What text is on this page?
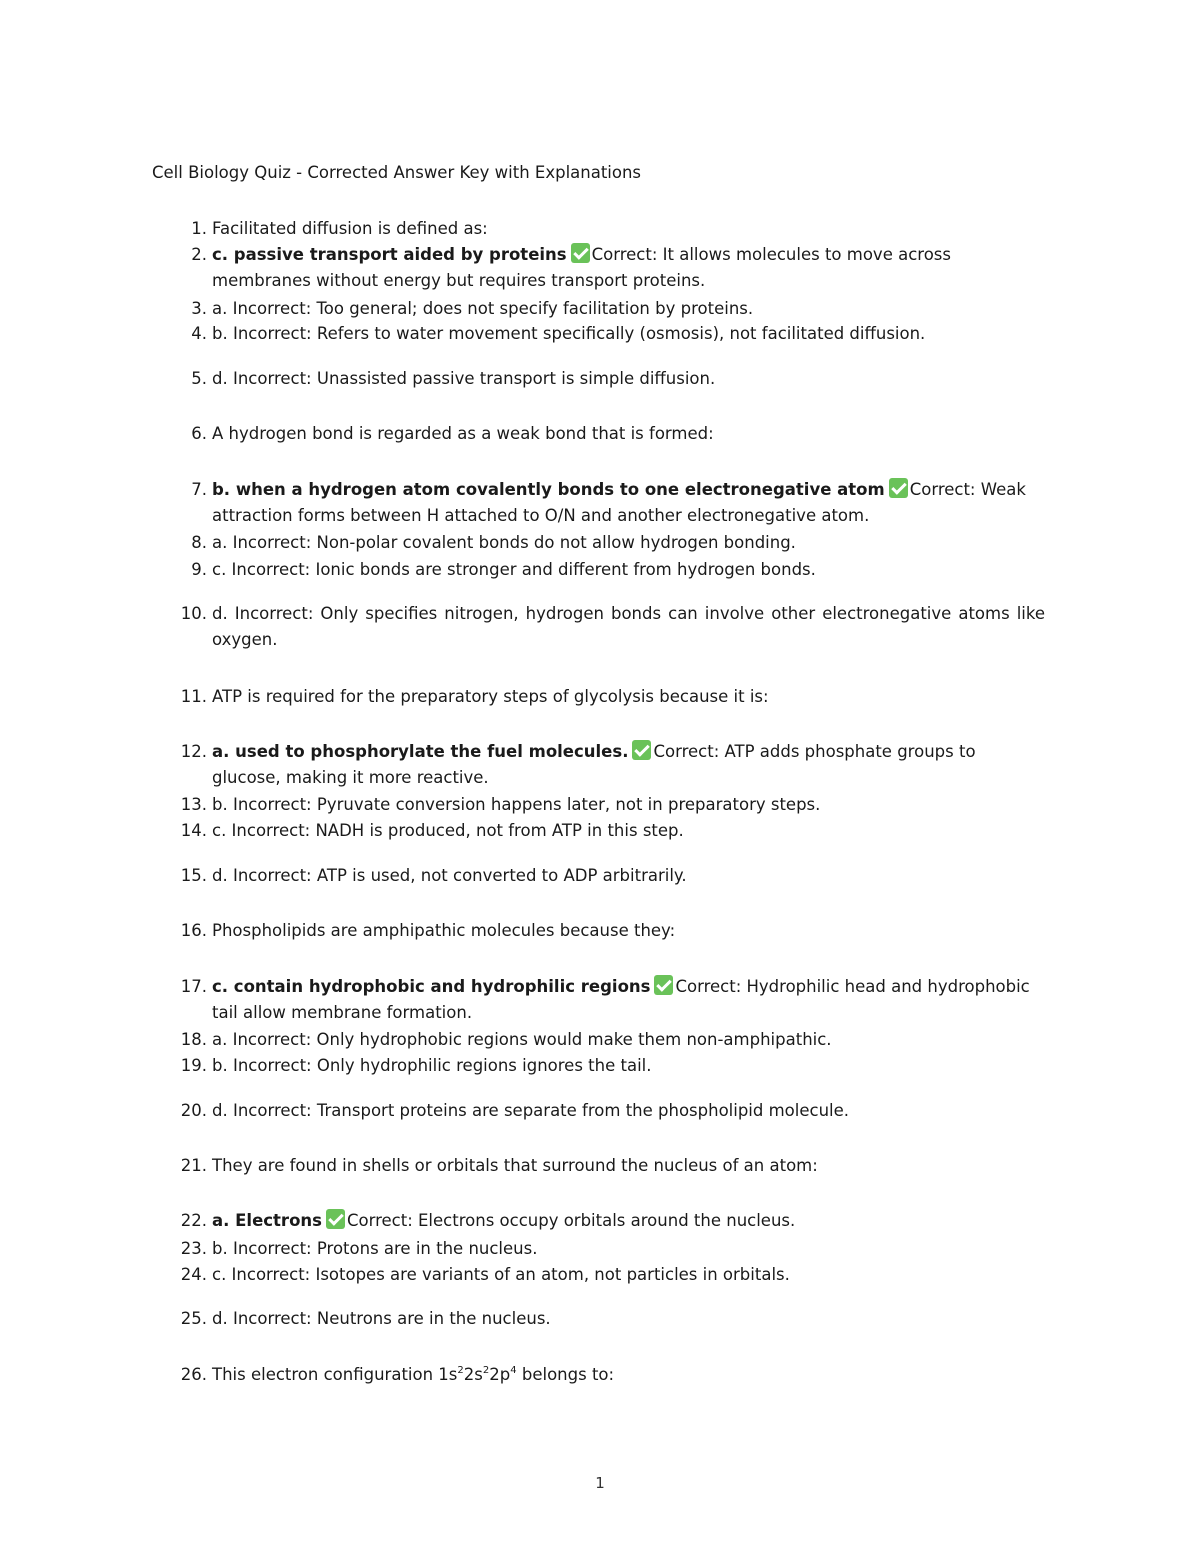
Cell Biology Quiz - Corrected Answer Key with Explanations
1. Facilitated diffusion is defined as:
2. c. passive transport aided by proteins Correct: It allows molecules to move across membranes without energy but requires transport proteins.
3. a. Incorrect: Too general; does not specify facilitation by proteins.
4. b. Incorrect: Refers to water movement specifically (osmosis), not facilitated diffusion.
5. d. Incorrect: Unassisted passive transport is simple diffusion.
6. A hydrogen bond is regarded as a weak bond that is formed:
7. b. when a hydrogen atom covalently bonds to one electronegative atom Correct: Weak attraction forms between H attached to O/N and another electronegative atom.
8. a. Incorrect: Non-polar covalent bonds do not allow hydrogen bonding.
9. c. Incorrect: Ionic bonds are stronger and different from hydrogen bonds.
10. d. Incorrect: Only specifies nitrogen, hydrogen bonds can involve other electronegative atoms like oxygen.
11. ATP is required for the preparatory steps of glycolysis because it is:
12. a. used to phosphorylate the fuel molecules. Correct: ATP adds phosphate groups to glucose, making it more reactive.
13. b. Incorrect: Pyruvate conversion happens later, not in preparatory steps.
14. c. Incorrect: NADH is produced, not from ATP in this step.
15. d. Incorrect: ATP is used, not converted to ADP arbitrarily.
16. Phospholipids are amphipathic molecules because they:
17. c. contain hydrophobic and hydrophilic regions Correct: Hydrophilic head and hydrophobic tail allow membrane formation.
18. a. Incorrect: Only hydrophobic regions would make them non-amphipathic.
19. b. Incorrect: Only hydrophilic regions ignores the tail.
20. d. Incorrect: Transport proteins are separate from the phospholipid molecule.
21. They are found in shells or orbitals that surround the nucleus of an atom:
22. a. Electrons Correct: Electrons occupy orbitals around the nucleus.
23. b. Incorrect: Protons are in the nucleus.
24. c. Incorrect: Isotopes are variants of an atom, not particles in orbitals.
25. d. Incorrect: Neutrons are in the nucleus.
26. This electron configuration $1s^22s^22p^4$ belongs to:
1
